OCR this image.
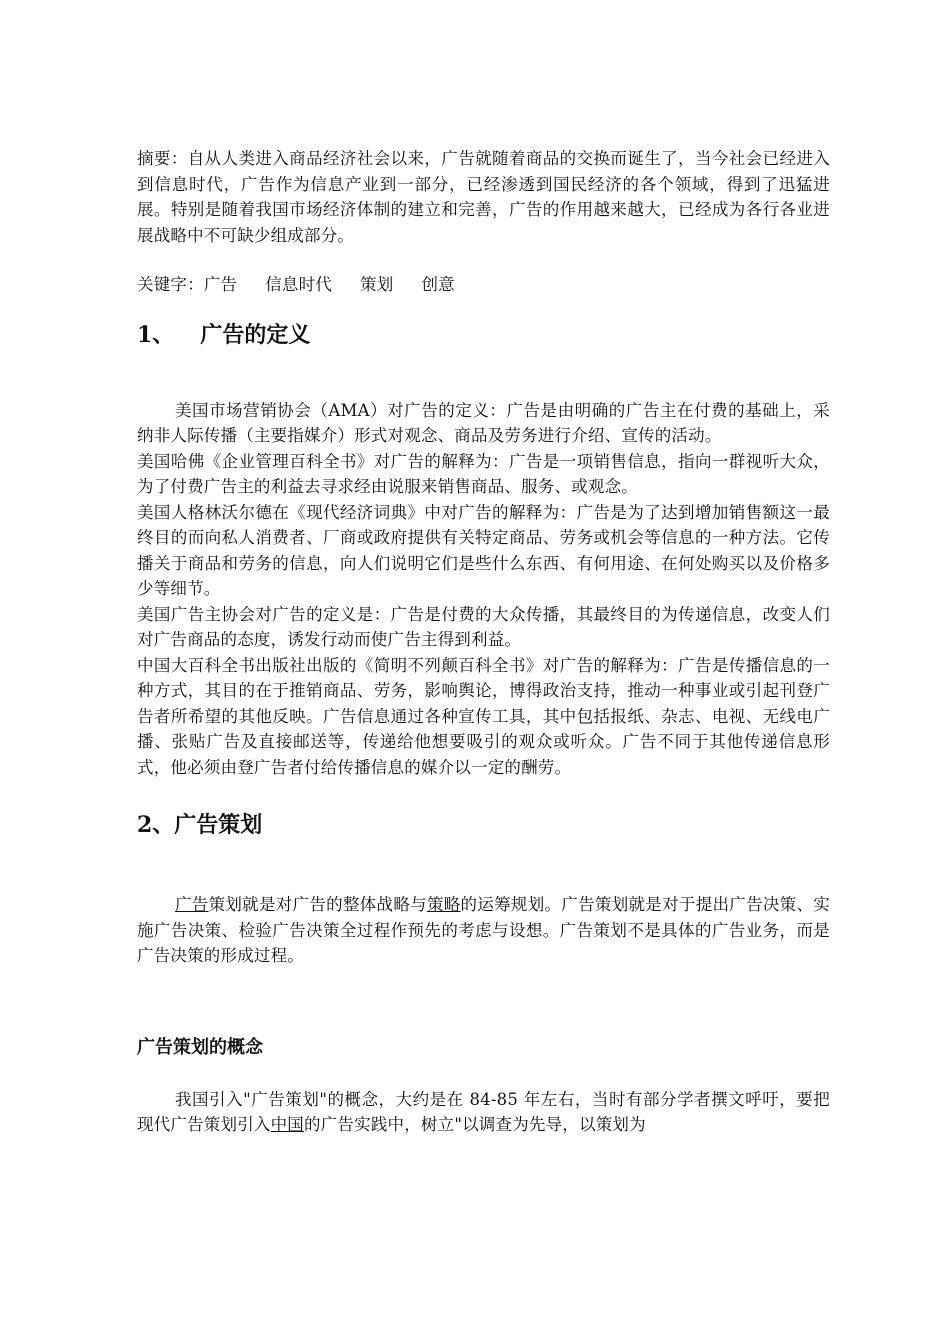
摘要：自从人类进入商品经济社会以来，广告就随着商品的交换而诞生了，当今社会已经进入到信息时代，广告作为信息产业到一部分，已经渗透到国民经济的各个领域，得到了迅猛进展。特别是随着我国市场经济体制的建立和完善，广告的作用越来越大，已经成为各行各业进展战略中不可缺少组成部分。

关键字：广告 信息时代 策划 创意

1、 广告的定义

美国市场营销协会（AMA）对广告的定义：广告是由明确的广告主在付费的基础上，采纳非人际传播（主要指媒介）形式对观念、商品及劳务进行介绍、宣传的活动。

美国哈佛《企业管理百科全书》对广告的解释为：广告是一项销售信息，指向一群视听大众，为了付费广告主的利益去寻求经由说服来销售商品、服务、或观念。

美国人格林沃尔德在《现代经济词典》中对广告的解释为：广告是为了达到增加销售额这一最终目的而向私人消费者、厂商或政府提供有关特定商品、劳务或机会等信息的一种方法。它传播关于商品和劳务的信息，向人们说明它们是些什么东西、有何用途、在何处购买以及价格多少等细节。

美国广告主协会对广告的定义是：广告是付费的大众传播，其最终目的为传递信息，改变人们对广告商品的态度，诱发行动而使广告主得到利益。

中国大百科全书出版社出版的《简明不列颠百科全书》对广告的解释为：广告是传播信息的一种方式，其目的在于推销商品、劳务，影响舆论，博得政治支持，推动一种事业或引起刊登广告者所希望的其他反映。广告信息通过各种宣传工具，其中包括报纸、杂志、电视、无线电广播、张贴广告及直接邮送等，传递给他想要吸引的观众或听众。广告不同于其他传递信息形式，他必须由登广告者付给传播信息的媒介以一定的酬劳。

2、广告策划

广告策划就是对广告的整体战略与策略的运筹规划。广告策划就是对于提出广告决策、实施广告决策、检验广告决策全过程作预先的考虑与设想。广告策划不是具体的广告业务，而是广告决策的形成过程。

广告策划的概念

我国引入"广告策划"的概念，大约是在 84-85 年左右，当时有部分学者撰文呼吁，要把现代广告策划引入中国的广告实践中，树立"以调查为先导，以策划为
